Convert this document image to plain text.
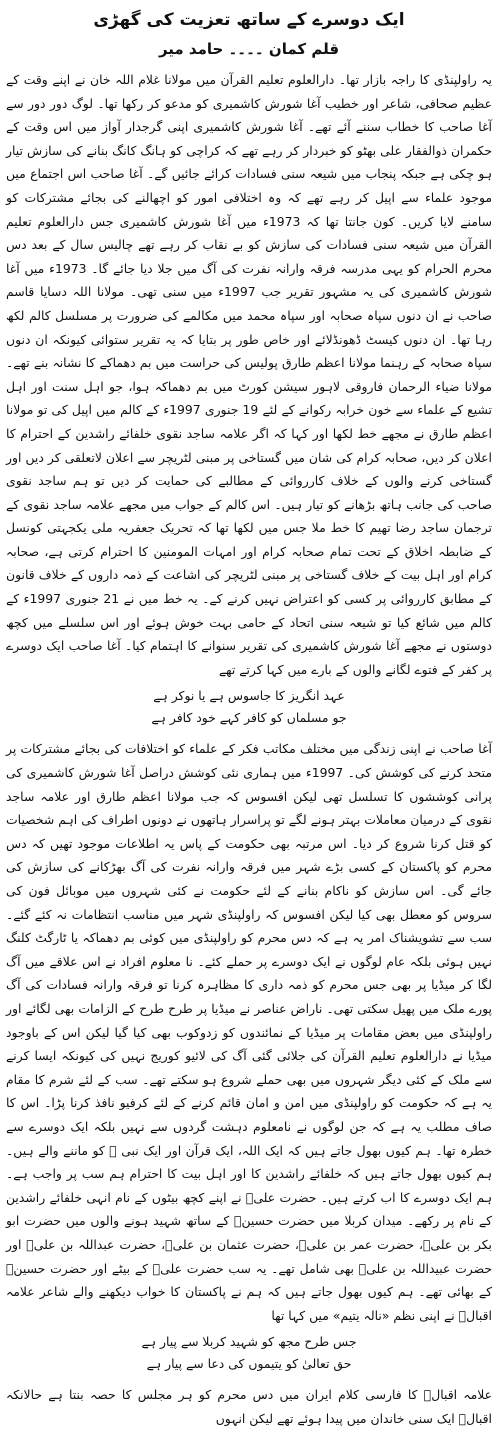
ایک دوسرے کے ساتھ تعزیت کی گھڑی
قلم کمان ۔۔۔۔ حامد میر

یہ راولپنڈی کا راجہ بازار تھا۔ دارالعلوم تعلیم القرآن میں مولانا غلام اللہ خان نے اپنے وقت کے عظیم صحافی، شاعر اور خطیب آغا شورش کاشمیری کو مدعو کر رکھا تھا۔ لوگ دور دور سے آغا صاحب کا خطاب سننے آئے تھے۔ آغا شورش کاشمیری اپنی گرجدار آواز میں اس وقت کے حکمران ذوالفقار علی بھٹو کو خبردار کر رہے تھے کہ کراچی کو ہانگ کانگ بنانے کی سازش تیار ہو چکی ہے جبکہ پنجاب میں شیعہ سنی فسادات کرائے جائیں گے۔ آغا صاحب اس اجتماع میں موجود علماء سے اپیل کر رہے تھے کہ وہ اختلافی امور کو اچھالنے کی بجائے مشترکات کو سامنے لایا کریں۔ کون جانتا تھا کہ 1973ء میں آغا شورش کاشمیری جس دارالعلوم تعلیم القرآن میں شیعہ سنی فسادات کی سازش کو بے نقاب کر رہے تھے چالیس سال کے بعد دس محرم الحرام کو یہی مدرسہ فرقہ وارانہ نفرت کی آگ میں جلا دیا جائے گا۔ 1973ء میں آغا شورش کاشمیری کی یہ مشہور تقریر جب 1997ء میں سنی تھی۔ مولانا اللہ دسایا قاسم صاحب نے ان دنوں سپاہ صحابہ اور سپاہ محمد میں مکالمے کی ضرورت پر مسلسل کالم لکھ رہا تھا۔ ان دنوں کیسٹ ڈھونڈلائے اور خاص طور پر بتایا کہ یہ تقریر ستوائی کیونکہ ان دنوں سپاہ صحابہ کے رہنما مولانا اعظم طارق پولیس کی حراست میں بم دھماکے کا نشانہ بنے تھے۔ مولانا ضیاء الرحمان فاروقی لاہور سیشن کورٹ میں بم دھماکہ ہوا، جو اہل سنت اور اہل تشیع کے علماء سے خون خرابہ رکوانے کے لئے 19 جنوری 1997ء کے کالم میں اپیل کی تو مولانا اعظم طارق نے مجھے خط لکھا اور کہا کہ اگر علامہ ساجد نقوی خلفائے راشدین کے احترام کا اعلان کر دیں، صحابہ کرام کی شان میں گستاخی پر مبنی لٹریچر سے اعلان لاتعلقی کر دیں اور گستاخی کرنے والوں کے خلاف کارروائی کے مطالبے کی حمایت کر دیں تو ہم ساجد نقوی صاحب کی جانب ہاتھ بڑھانے کو تیار ہیں۔ اس کالم کے جواب میں مجھے علامہ ساجد نقوی کے ترجمان ساجد رضا تھیم کا خط ملا جس میں لکھا تھا کہ تحریک جعفریہ ملی یکجہتی کونسل کے ضابطہ اخلاق کے تحت تمام صحابہ کرام اور امہات المومنین کا احترام کرتی ہے، صحابہ کرام اور اہل بیت کے خلاف گستاخی پر مبنی لٹریچر کی اشاعت کے ذمہ داروں کے خلاف قانون کے مطابق کارروائی پر کسی کو اعتراض نہیں کرنے کے۔ یہ خط میں نے 21 جنوری 1997ء کے کالم میں شائع کیا تو شیعہ سنی اتحاد کے حامی بہت خوش ہوئے اور اس سلسلے میں کچھ دوستوں نے مجھے آغا شورش کاشمیری کی تقریر سنوانے کا اہتمام کیا۔ آغا صاحب ایک دوسرے پر کفر کے فتوے لگانے والوں کے بارے میں کہا کرتے تھے

عہد انگریز کا جاسوس ہے یا نوکر ہے
جو مسلماں کو کافر کہے خود کافر ہے

آغا صاحب نے اپنی زندگی میں مختلف مکاتب فکر کے علماء کو اختلافات کی بجائے مشترکات پر متحد کرنے کی کوشش کی۔ 1997ء میں ہماری نئی کوشش دراصل آغا شورش کاشمیری کی پرانی کوششوں کا تسلسل تھی لیکن افسوس کہ جب مولانا اعظم طارق اور علامہ ساجد نقوی کے درمیان معاملات بہتر ہونے لگے تو پراسرار ہاتھوں نے دونوں اطراف کی اہم شخصیات کو قتل کرنا شروع کر دیا۔ اس مرتبہ بھی حکومت کے پاس یہ اطلاعات موجود تھیں کہ دس محرم کو پاکستان کے کسی بڑے شہر میں فرقہ وارانہ نفرت کی آگ بھڑکانے کی سازش کی جائے گی۔ اس سازش کو ناکام بنانے کے لئے حکومت نے کئی شہروں میں موبائل فون کی سروس کو معطل بھی کیا لیکن افسوس کہ راولپنڈی شہر میں مناسب انتظامات نہ کئے گئے۔ سب سے تشویشناک امر یہ ہے کہ دس محرم کو راولپنڈی میں کوئی بم دھماکہ یا ٹارگٹ کلنگ نہیں ہوئی بلکہ عام لوگوں نے ایک دوسرے پر حملے کئے۔ نا معلوم افراد نے اس علاقے میں آگ لگا کر میڈیا پر بھی جس محرم کو ذمہ داری کا مظاہرہ کرنا تو فرقہ وارانہ فسادات کی آگ پورے ملک میں پھیل سکتی تھی۔ ناراض عناصر نے میڈیا پر طرح طرح کے الزامات بھی لگائے اور راولپنڈی میں بعض مقامات پر میڈیا کے نمائندوں کو زدوکوب بھی کیا گیا لیکن اس کے باوجود میڈیا نے دارالعلوم تعلیم القرآن کی جلائی گئی آگ کی لائیو کوریج نہیں کی کیونکہ ایسا کرنے سے ملک کے کئی دیگر شہروں میں بھی حملے شروع ہو سکتے تھے۔ سب کے لئے شرم کا مقام یہ ہے کہ حکومت کو راولپنڈی میں امن و امان قائم کرنے کے لئے کرفیو نافذ کرنا پڑا۔ اس کا صاف مطلب یہ ہے کہ جن لوگوں نے نامعلوم دہشت گردوں سے نہیں بلکہ ایک دوسرے سے خطرہ تھا۔ ہم کیوں بھول جاتے ہیں کہ ایک اللہ، ایک قرآن اور ایک نبی ﷺ کو ماننے والے ہیں۔ ہم کیوں بھول جاتے ہیں کہ خلفائے راشدین کا اور اہل بیت کا احترام ہم سب پر واجب ہے۔ ہم ایک دوسرے کا اب کرتے ہیں۔ حضرت علیؓ نے اپنے کچھ بیٹوں کے نام انہی خلفائے راشدین کے نام پر رکھے۔ میدان کربلا میں حضرت حسینؓ کے ساتھ شہید ہونے والوں میں حضرت ابو بکر بن علیؓ، حضرت عمر بن علیؓ، حضرت عثمان بن علیؓ، حضرت عبداللہ بن علیؓ اور حضرت عبیداللہ بن علیؓ بھی شامل تھے۔ یہ سب حضرت علیؓ کے بیٹے اور حضرت حسینؓ کے بھائی تھے۔ ہم کیوں بھول جاتے ہیں کہ ہم نے پاکستان کا خواب دیکھنے والے شاعر علامہ اقبالؒ نے اپنی نظم «نالہ یتیم» میں کہا تھا

جس طرح مجھ کو شہید کربلا سے پیار ہے
حق تعالیٰ کو یتیموں کی دعا سے پیار ہے

علامہ اقبالؒ کا فارسی کلام ایران میں دس محرم کو ہر مجلس کا حصہ بنتا ہے حالانکہ اقبالؒ ایک سنی خاندان میں پیدا ہوئے تھے لیکن انہوں
